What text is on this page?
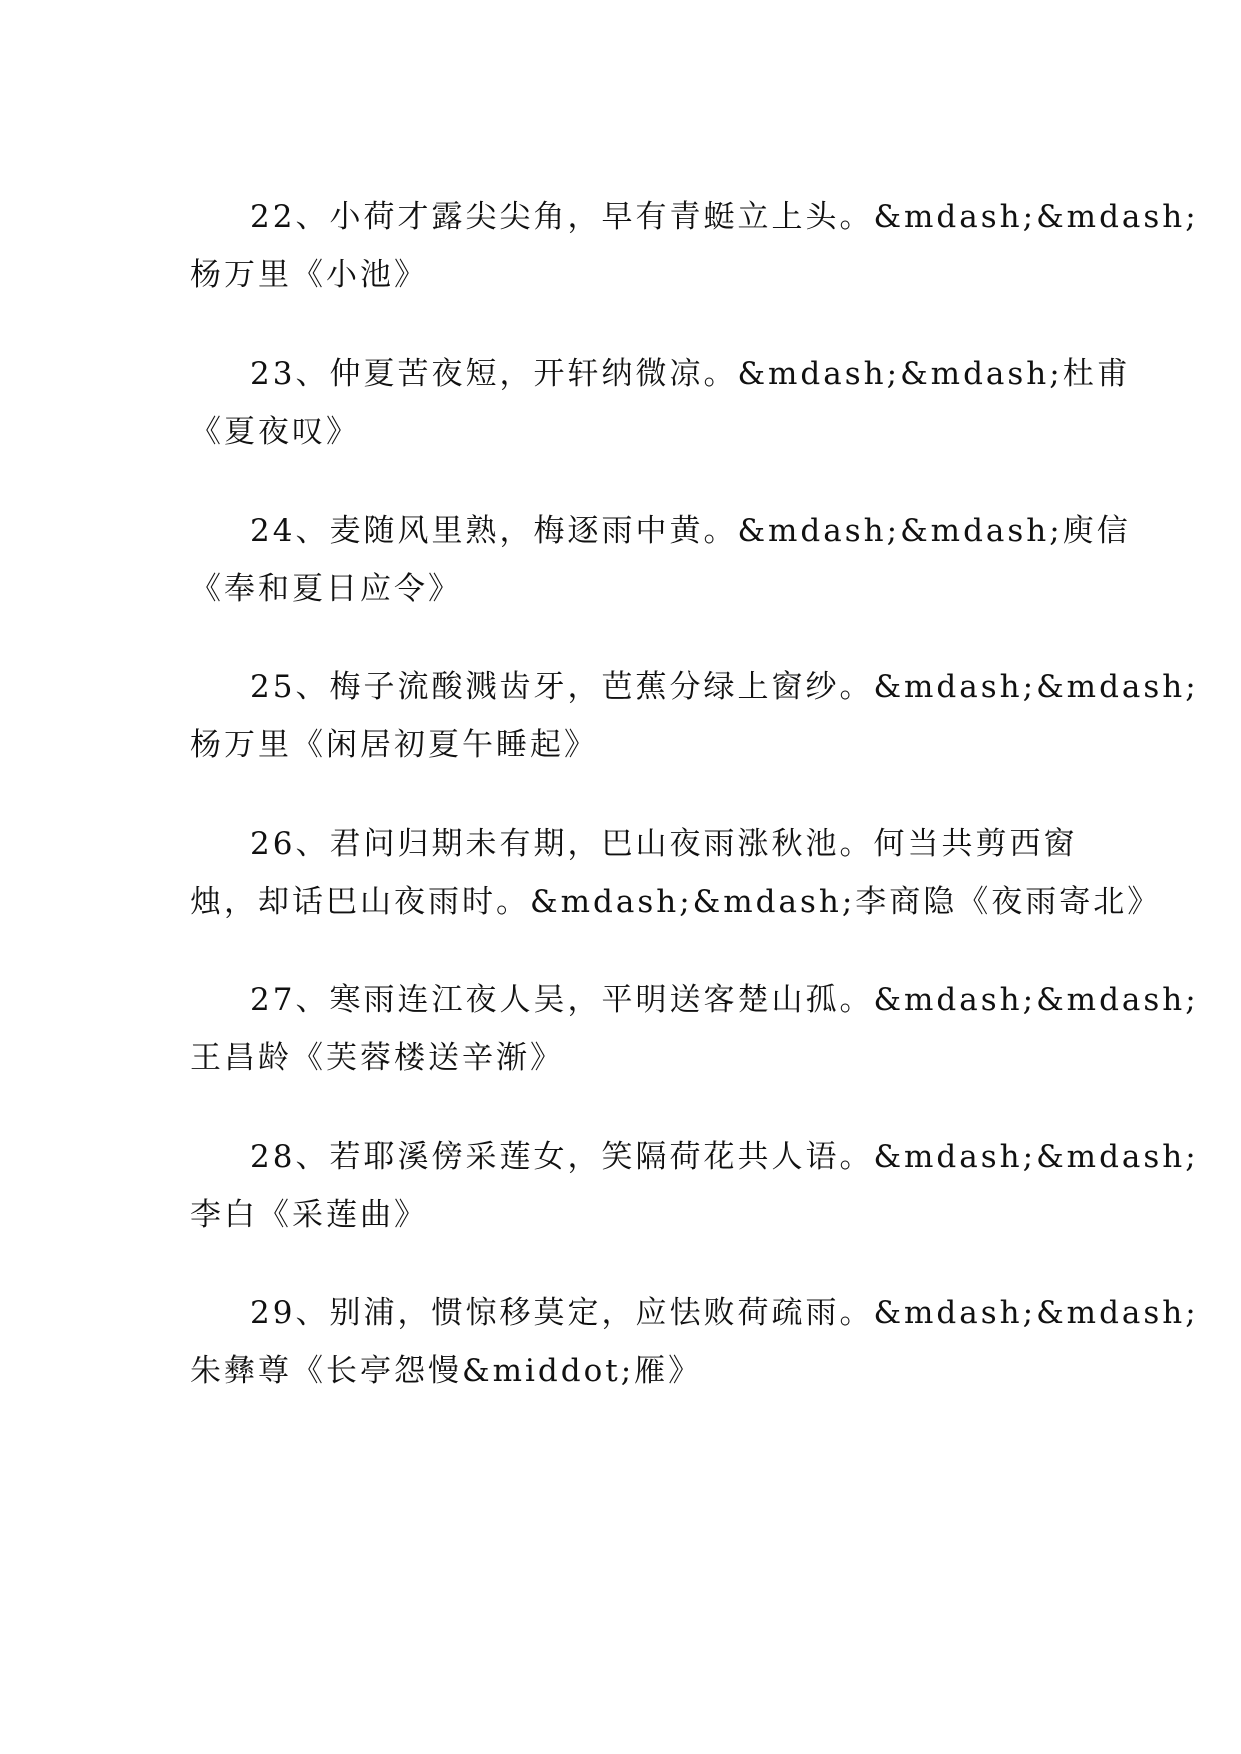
22、小荷才露尖尖角，早有青蜓立上头。&mdash;&mdash;
杨万里《小池》
23、仲夏苦夜短，开轩纳微凉。&mdash;&mdash;杜甫
《夏夜叹》
24、麦随风里熟，梅逐雨中黄。&mdash;&mdash;庾信
《奉和夏日应令》
25、梅子流酸溅齿牙，芭蕉分绿上窗纱。&mdash;&mdash;
杨万里《闲居初夏午睡起》
26、君问归期未有期，巴山夜雨涨秋池。何当共剪西窗
烛，却话巴山夜雨时。&mdash;&mdash;李商隐《夜雨寄北》
27、寒雨连江夜人吴，平明送客楚山孤。&mdash;&mdash;
王昌龄《芙蓉楼送辛渐》
28、若耶溪傍采莲女，笑隔荷花共人语。&mdash;&mdash;
李白《采莲曲》
29、别浦，惯惊移莫定，应怯败荷疏雨。&mdash;&mdash;
朱彝尊《长亭怨慢&middot;雁》
